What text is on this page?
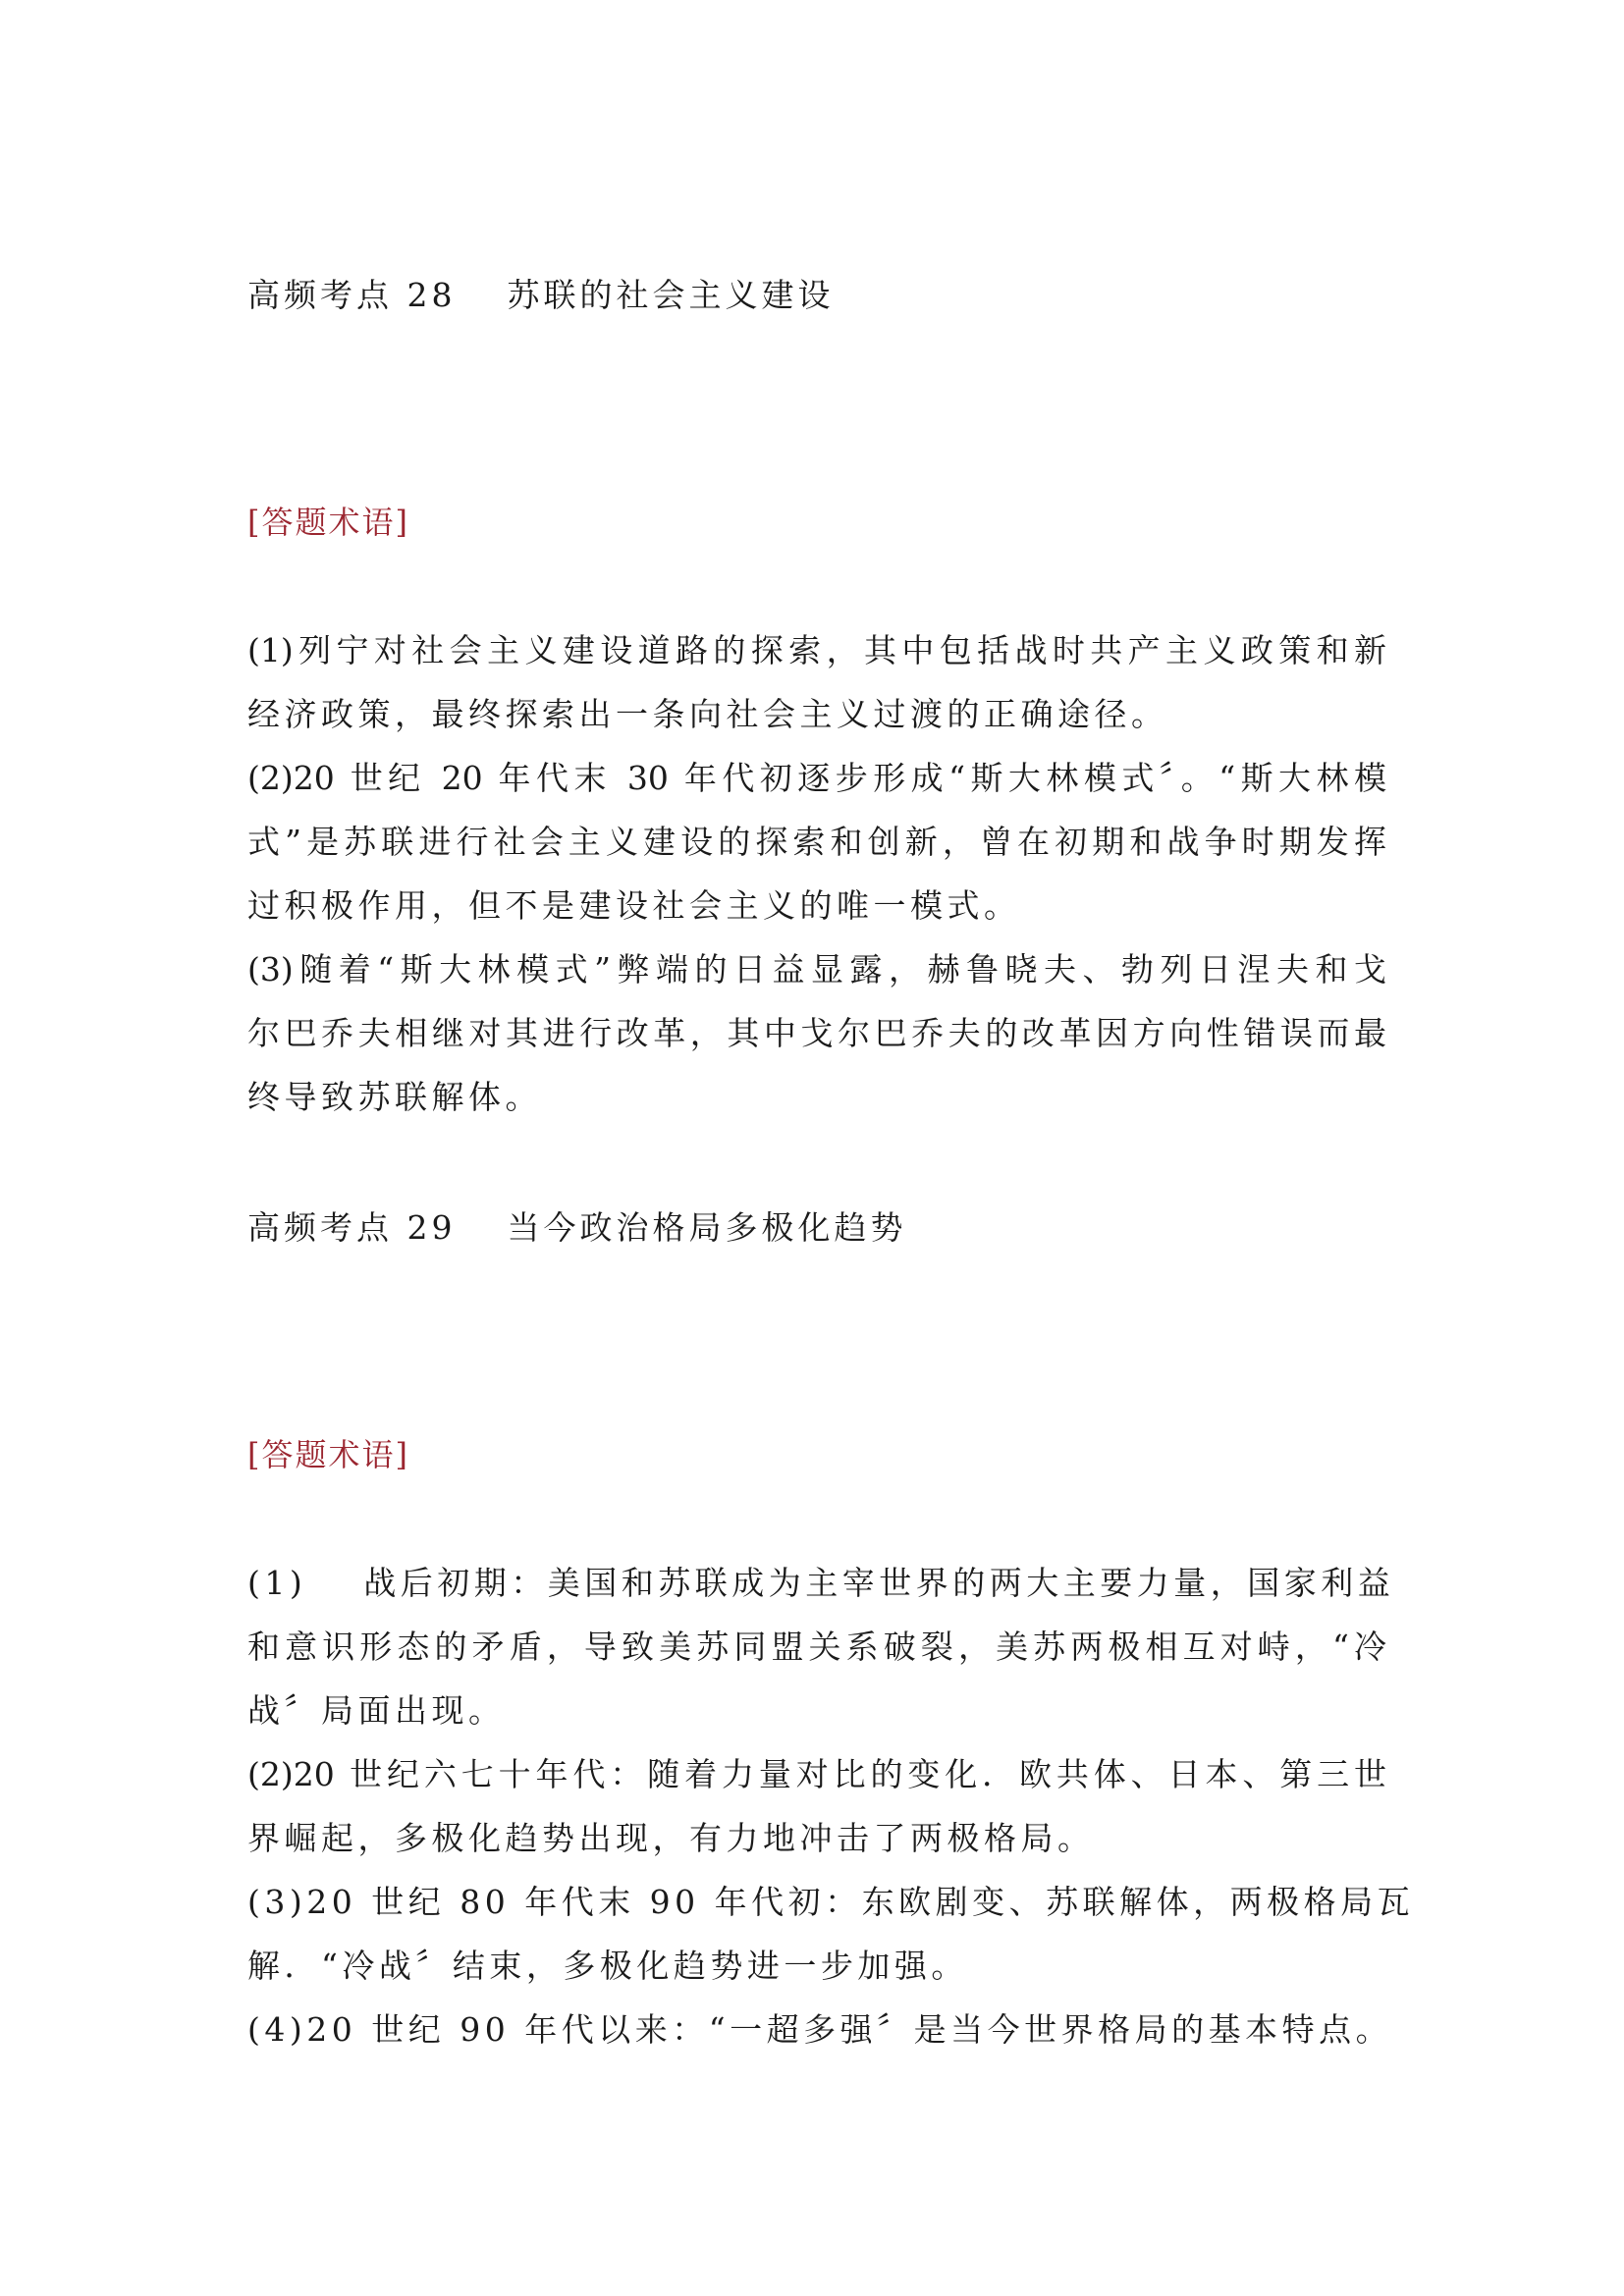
高频考点 28 苏联的社会主义建设
[答题术语]
(1)列宁对社会主义建设道路的探索，其中包括战时共产主义政策和新
经济政策，最终探索出一条向社会主义过渡的正确途径。
(2)20 世纪 20 年代末 30 年代初逐步形成“斯大林模式〞。“斯大林模
式”是苏联进行社会主义建设的探索和创新，曾在初期和战争时期发挥
过积极作用，但不是建设社会主义的唯一模式。
(3)随着“斯大林模式”弊端的日益显露，赫鲁晓夫、勃列日涅夫和戈
尔巴乔夫相继对其进行改革，其中戈尔巴乔夫的改革因方向性错误而最
终导致苏联解体。
高频考点 29 当今政治格局多极化趋势
[答题术语]
(1) 战后初期：美国和苏联成为主宰世界的两大主要力量，国家利益
和意识形态的矛盾，导致美苏同盟关系破裂，美苏两极相互对峙，“冷
战〞局面出现。
(2)20 世纪六七十年代：随着力量对比的变化．欧共体、日本、第三世
界崛起，多极化趋势出现，有力地冲击了两极格局。
(3)20 世纪 80 年代末 90 年代初：东欧剧变、苏联解体，两极格局瓦
解．“冷战〞结束，多极化趋势进一步加强。
(4)20 世纪 90 年代以来：“一超多强〞是当今世界格局的基本特点。
